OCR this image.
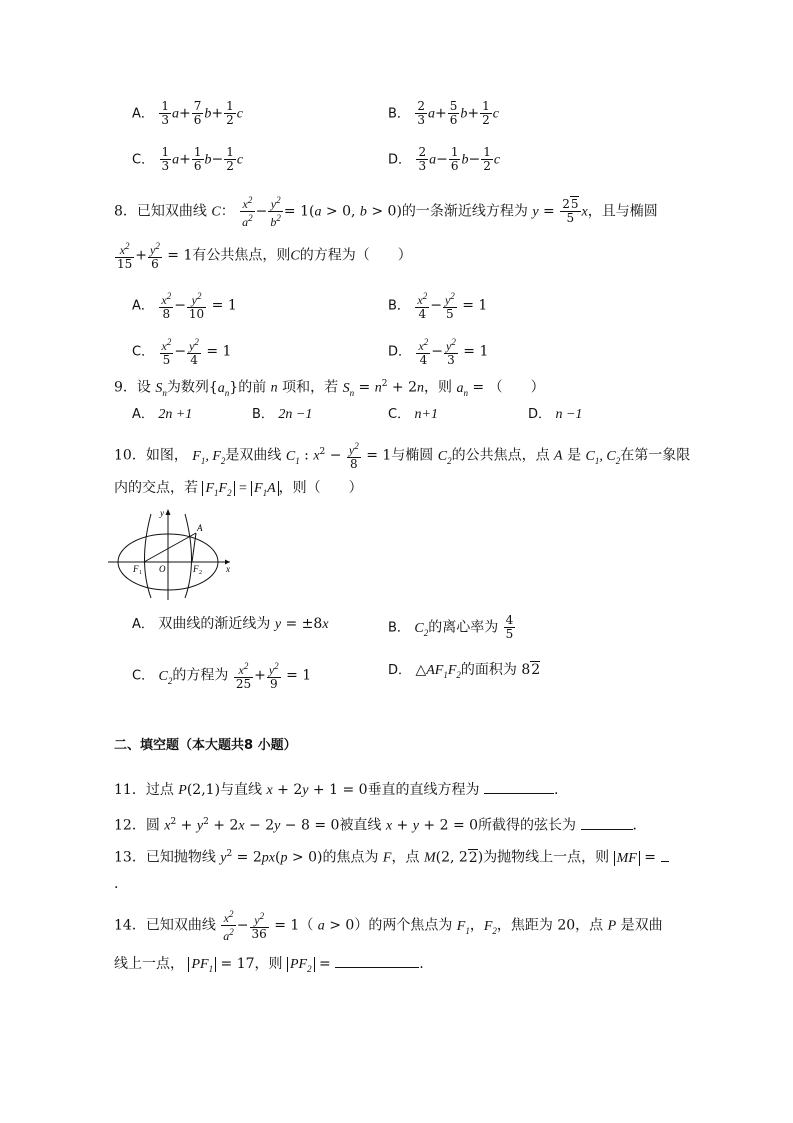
A． $\frac{1}{3} a+ \frac{7}{6} b+ \frac{1}{2}$ c	B． $\frac{2}{3} a+ \frac{5}{6} b+ \frac{1}{2}$ c
C． $\frac{1}{3} a+ \frac{1}{6} b- \frac{1}{2}$ c	D． $\frac{2}{3} a- \frac{1}{6} b- \frac{1}{2}$ c
8．已知双曲线 C： $\frac{x^2}{a^2} - \frac{y^2}{b^2} = 1(a > 0$, b > 0)的一条渐近线方程为 $y = \frac{25}{5}$ x，且与椭圆
$\frac{x^2}{15} + \frac{y^2}{6} = 1$有公共焦点，则C的方程为（　　）
A． $\frac{x^2}{8} - \frac{y^2}{10} = 1$	B． $\frac{x^2}{4} - \frac{y^2}{5} = 1$
C． $\frac{x^2}{5} - \frac{y^2}{4} = 1$	D． $\frac{x^2}{4} - \frac{y^2}{3} = 1$
9．设 $S_n$为数列$\{a_n\}$的前 n 项和，若 $S_n = n^2 + 2n$，则 $a_n$ = （　　）
A． 2n +1	B． 2n −1	C． n+1	D． n −1
10．如图， $F_1$, $F_2$是双曲线 $C_1$ : $x^2 - \frac{y^2}{8} = 1$与椭圆 $C_2$的公共焦点，点 A 是 $C_1$, $C_2$在第一象限
内的交点，若 $F_1F_2 = F_1A$ ，则（　　）
y
A
F 1 O	F 2	x
A． 双曲线的渐近线为 y = ±8x	B． $C_2$的离心率为 $\frac{4}{5}$
C． $C_2$的方程为 $\frac{x^2}{25} + \frac{y^2}{9} = 1$	D． $\triangle AF_1F_2$的面积为 82
二、填空题（本大题共8 小题）
11．过点 P(2,1)与直线 x + 2y + 1 = 0垂直的直线方程为	.
12．圆 $x^2 + y^2 + 2x - 2y - 8 = 0$被直线 x + y + 2 = 0所截得的弦长为	．
13．已知抛物线 $y^2 = 2px(p > 0)$的焦点为 F，点 M(2, 22)为抛物线上一点，则 MF =
.
14．已知双曲线 $\frac{x^2}{a^2} - \frac{y^2}{36} = 1$（ a > 0）的两个焦点为 $F_1$，$F_2$，焦距为 20，点 P 是双曲
线上一点， $PF_1 = 17$，则 $PF_2$ =	.
